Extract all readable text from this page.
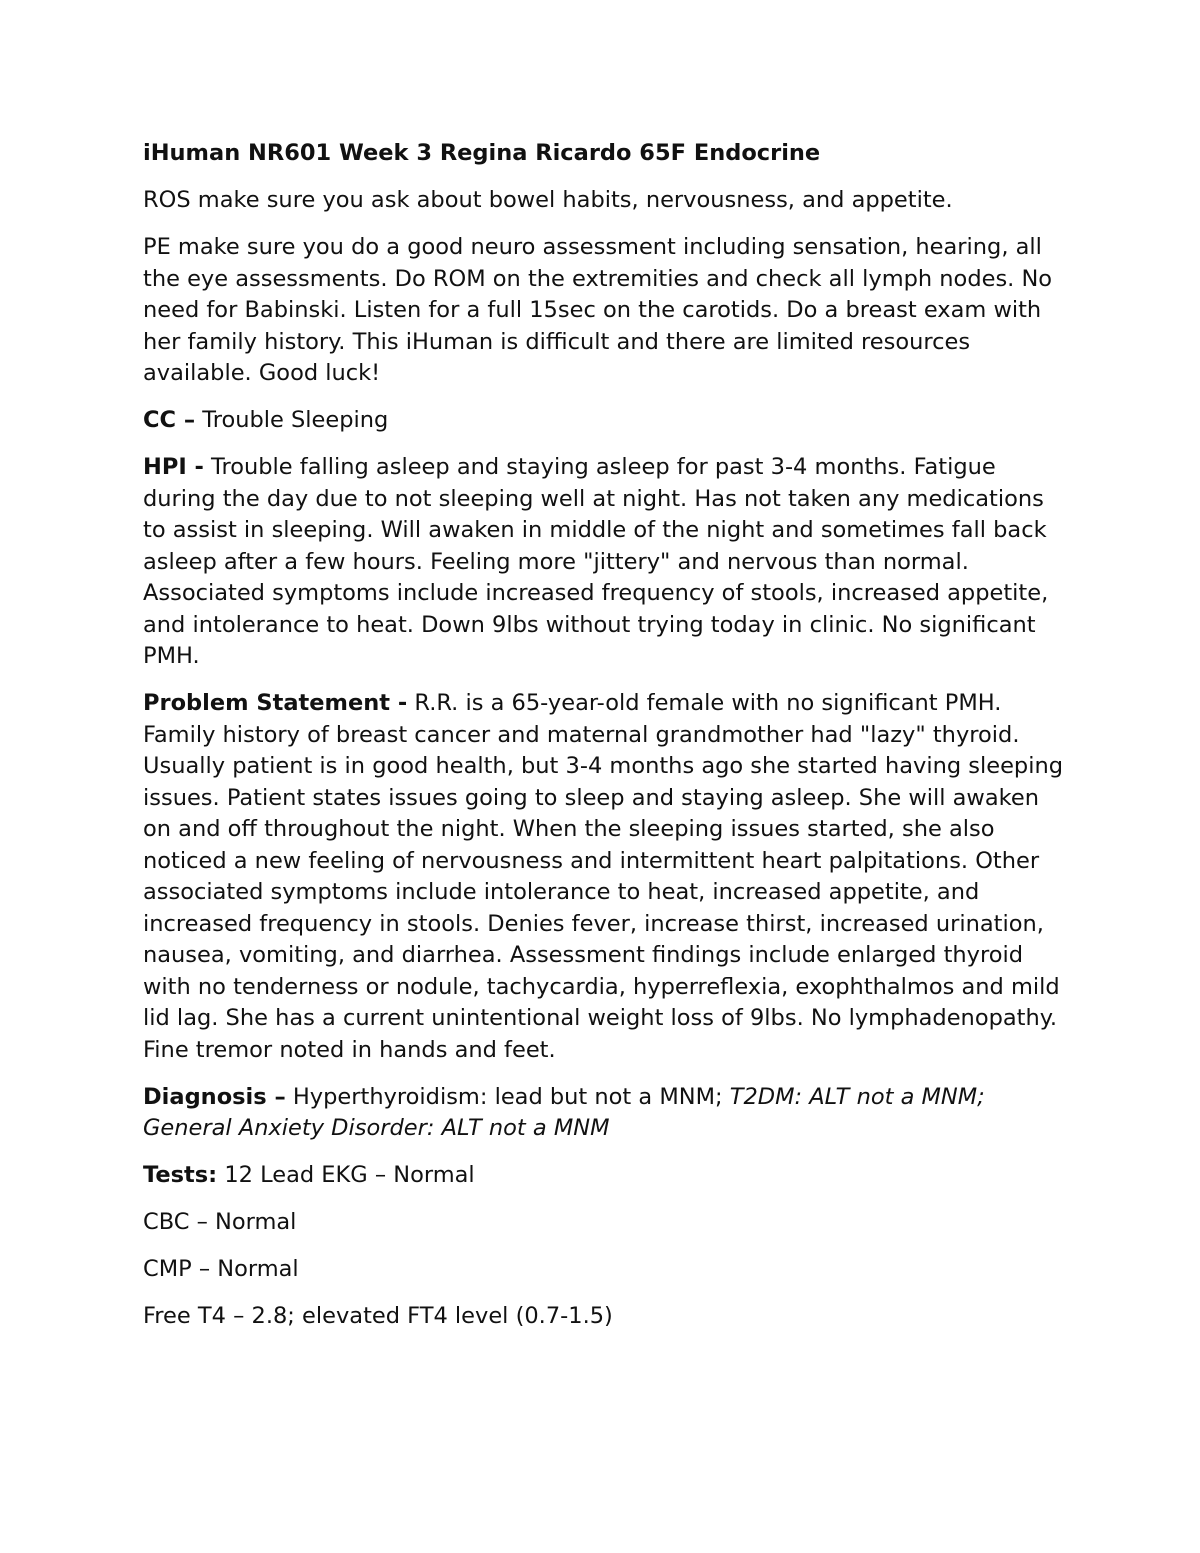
iHuman NR601 Week 3 Regina Ricardo 65F Endocrine

ROS make sure you ask about bowel habits, nervousness, and appetite.

PE make sure you do a good neuro assessment including sensation, hearing, all the eye assessments. Do ROM on the extremities and check all lymph nodes. No need for Babinski. Listen for a full 15sec on the carotids. Do a breast exam with her family history. This iHuman is difficult and there are limited resources available. Good luck!

CC – Trouble Sleeping

HPI - Trouble falling asleep and staying asleep for past 3-4 months. Fatigue during the day due to not sleeping well at night. Has not taken any medications to assist in sleeping. Will awaken in middle of the night and sometimes fall back asleep after a few hours. Feeling more "jittery" and nervous than normal. Associated symptoms include increased frequency of stools, increased appetite, and intolerance to heat. Down 9lbs without trying today in clinic. No significant PMH.

Problem Statement - R.R. is a 65-year-old female with no significant PMH. Family history of breast cancer and maternal grandmother had "lazy" thyroid. Usually patient is in good health, but 3-4 months ago she started having sleeping issues. Patient states issues going to sleep and staying asleep. She will awaken on and off throughout the night. When the sleeping issues started, she also noticed a new feeling of nervousness and intermittent heart palpitations. Other associated symptoms include intolerance to heat, increased appetite, and increased frequency in stools. Denies fever, increase thirst, increased urination, nausea, vomiting, and diarrhea. Assessment findings include enlarged thyroid with no tenderness or nodule, tachycardia, hyperreflexia, exophthalmos and mild lid lag. She has a current unintentional weight loss of 9lbs. No lymphadenopathy. Fine tremor noted in hands and feet.

Diagnosis – Hyperthyroidism: lead but not a MNM; T2DM: ALT not a MNM; General Anxiety Disorder: ALT not a MNM

Tests: 12 Lead EKG – Normal

CBC – Normal

CMP – Normal

Free T4 – 2.8; elevated FT4 level (0.7-1.5)
